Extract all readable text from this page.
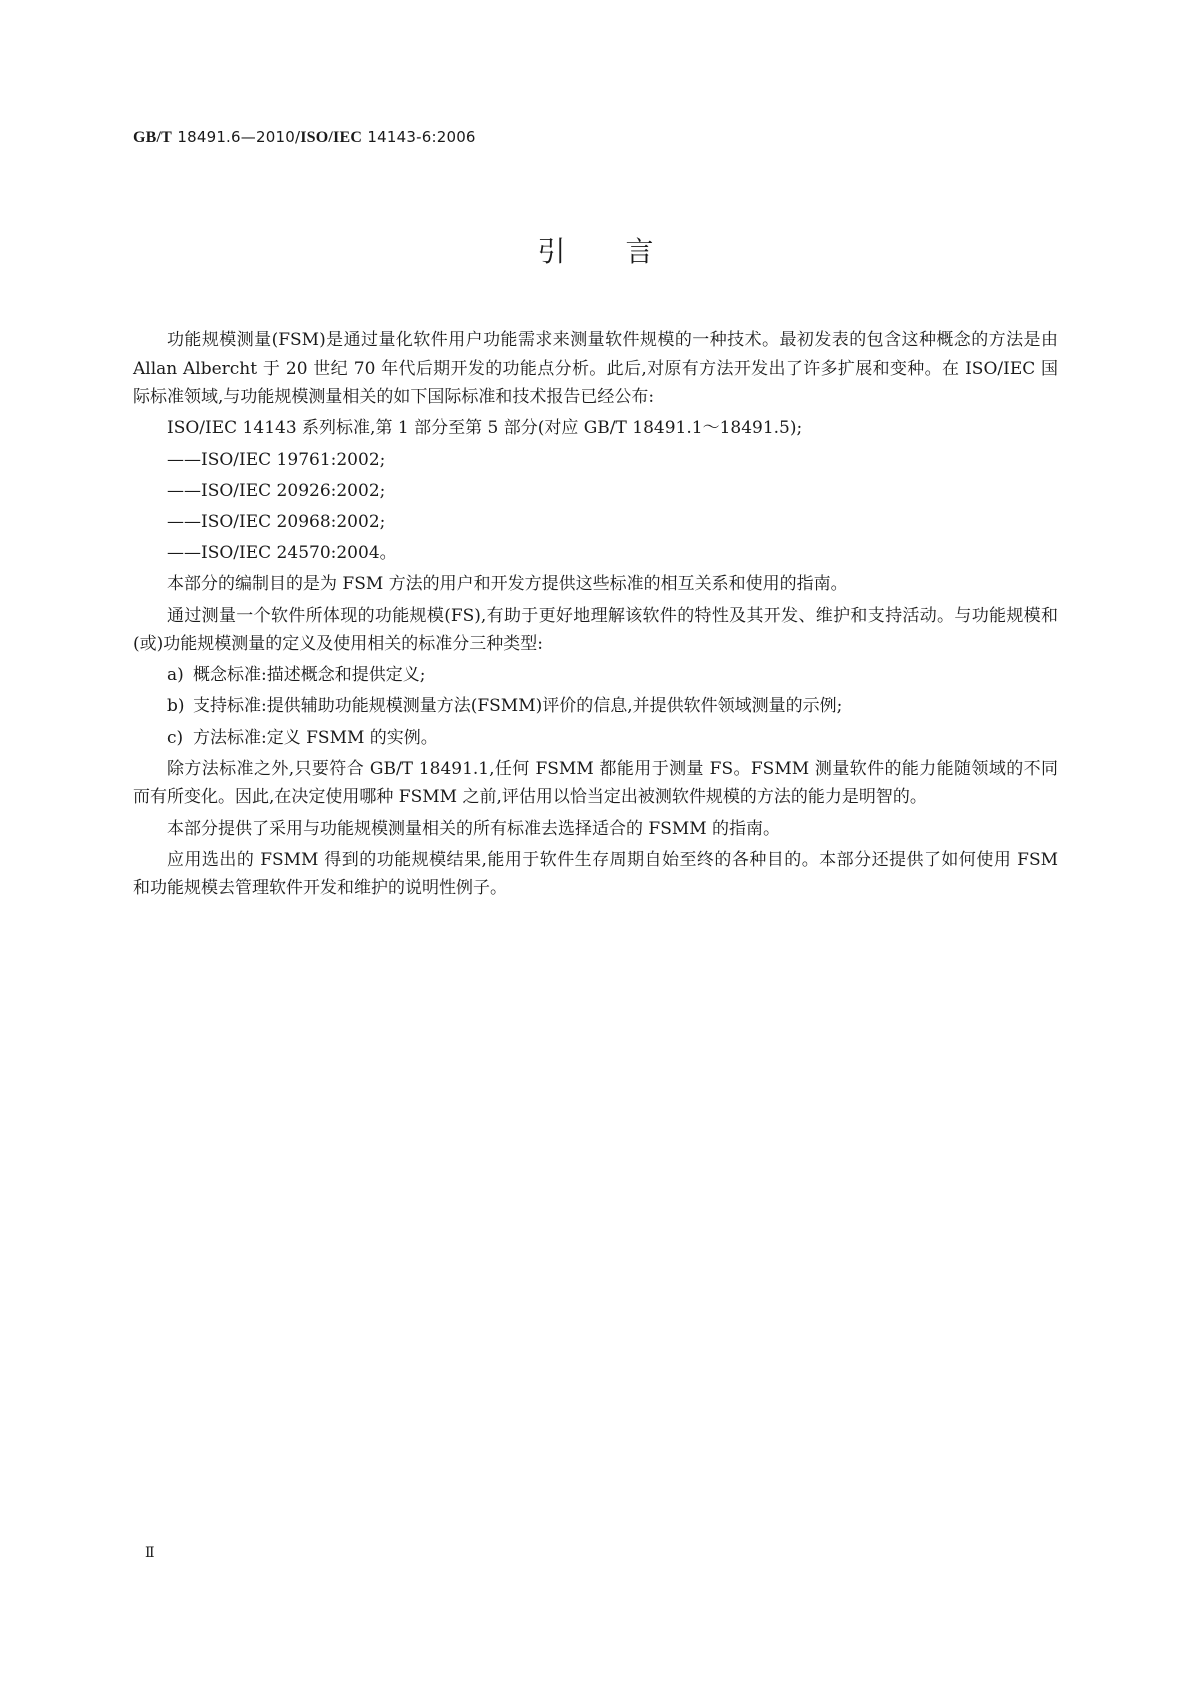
GB/T 18491.6—2010/ISO/IEC 14143-6:2006
引言

功能规模测量(FSM)是通过量化软件用户功能需求来测量软件规模的一种技术。最初发表的包含这种概念的方法是由 Allan Albercht 于 20 世纪 70 年代后期开发的功能点分析。此后,对原有方法开发出了许多扩展和变种。在 ISO/IEC 国际标准领域,与功能规模测量相关的如下国际标准和技术报告已经公布:

ISO/IEC 14143 系列标准,第 1 部分至第 5 部分(对应 GB/T 18491.1～18491.5);

——ISO/IEC 19761:2002;

——ISO/IEC 20926:2002;

——ISO/IEC 20968:2002;

——ISO/IEC 24570:2004。

本部分的编制目的是为 FSM 方法的用户和开发方提供这些标准的相互关系和使用的指南。

通过测量一个软件所体现的功能规模(FS),有助于更好地理解该软件的特性及其开发、维护和支持活动。与功能规模和(或)功能规模测量的定义及使用相关的标准分三种类型:

a) 概念标准:描述概念和提供定义;

b) 支持标准:提供辅助功能规模测量方法(FSMM)评价的信息,并提供软件领域测量的示例;

c) 方法标准:定义 FSMM 的实例。

除方法标准之外,只要符合 GB/T 18491.1,任何 FSMM 都能用于测量 FS。FSMM 测量软件的能力能随领域的不同而有所变化。因此,在决定使用哪种 FSMM 之前,评估用以恰当定出被测软件规模的方法的能力是明智的。

本部分提供了采用与功能规模测量相关的所有标准去选择适合的 FSMM 的指南。

应用选出的 FSMM 得到的功能规模结果,能用于软件生存周期自始至终的各种目的。本部分还提供了如何使用 FSM 和功能规模去管理软件开发和维护的说明性例子。

Ⅱ
